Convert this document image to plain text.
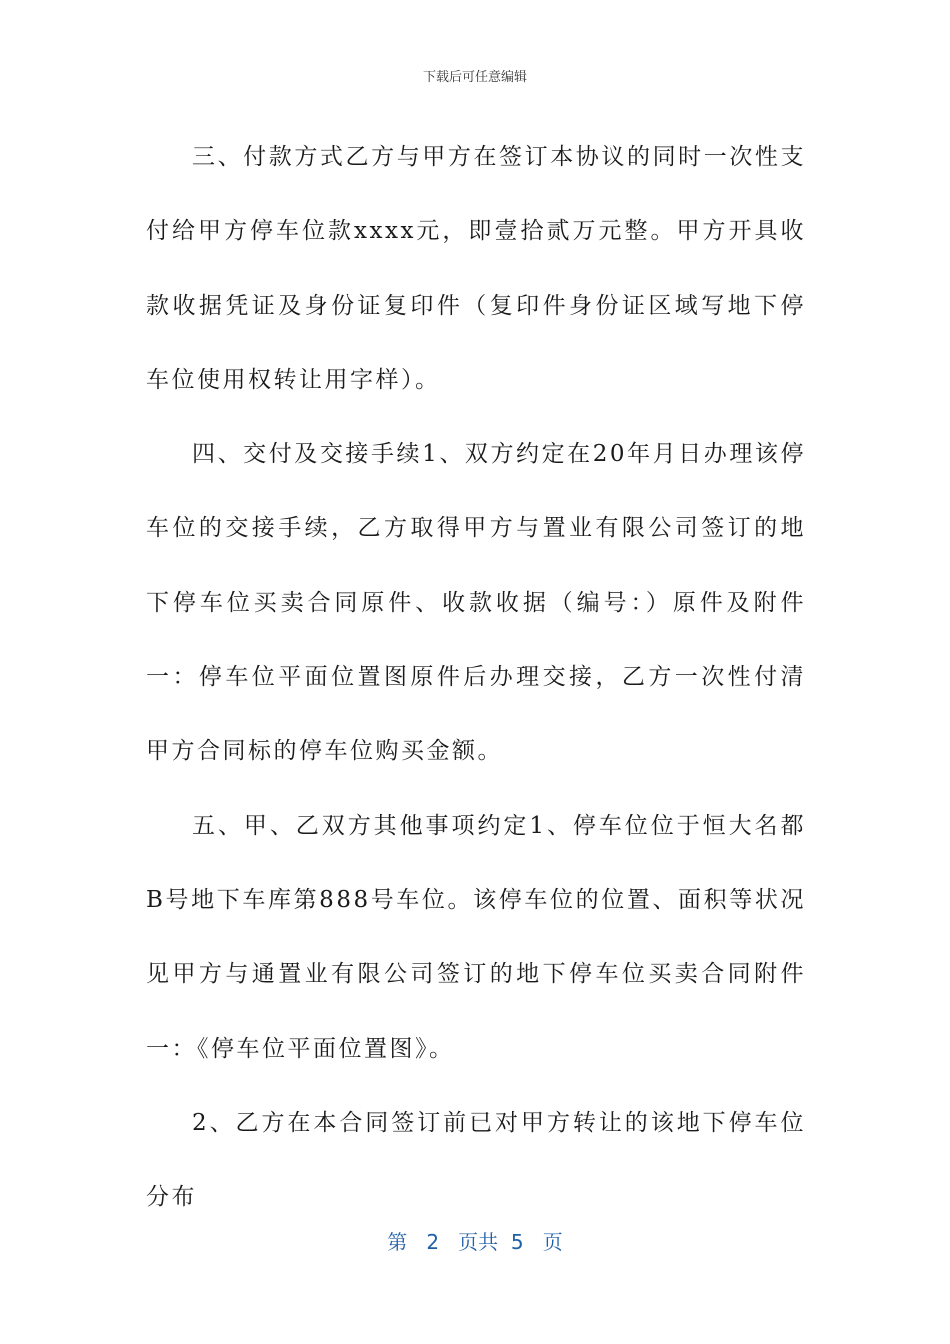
下载后可任意编辑

三、付款方式乙方与甲方在签订本协议的同时一次性支付给甲方停车位款xxxx元，即壹拾贰万元整。甲方开具收款收据凭证及身份证复印件（复印件身份证区域写地下停车位使用权转让用字样）。

四、交付及交接手续1、双方约定在20年月日办理该停车位的交接手续，乙方取得甲方与置业有限公司签订的地下停车位买卖合同原件、收款收据（编号：）原件及附件一：停车位平面位置图原件后办理交接，乙方一次性付清甲方合同标的停车位购买金额。

五、甲、乙双方其他事项约定1、停车位位于恒大名都B号地下车库第888号车位。该停车位的位置、面积等状况见甲方与通置业有限公司签订的地下停车位买卖合同附件一：《停车位平面位置图》。

2、乙方在本合同签订前已对甲方转让的该地下停车位分布

第 2 页共 5 页
